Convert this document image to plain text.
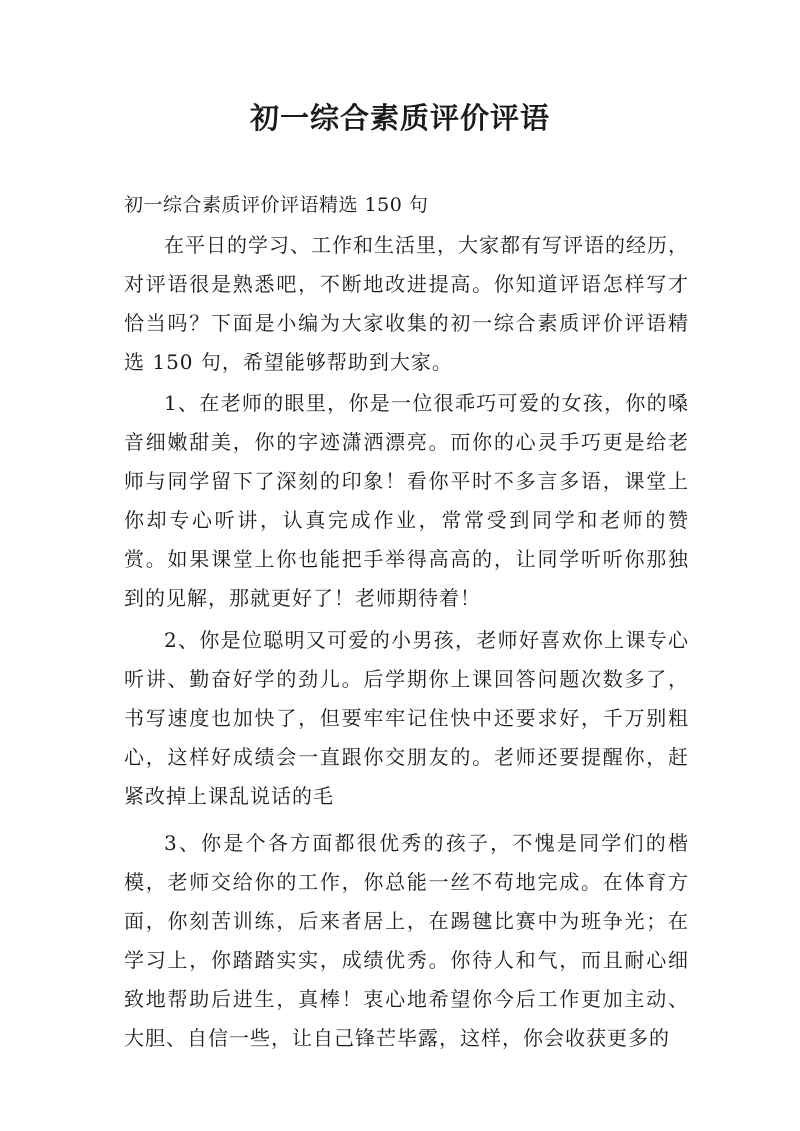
初一综合素质评价评语

初一综合素质评价评语精选 150 句

在平日的学习、工作和生活里，大家都有写评语的经历，对评语很是熟悉吧，不断地改进提高。你知道评语怎样写才恰当吗？下面是小编为大家收集的初一综合素质评价评语精选 150 句，希望能够帮助到大家。

1、在老师的眼里，你是一位很乖巧可爱的女孩，你的嗓音细嫩甜美，你的字迹潇洒漂亮。而你的心灵手巧更是给老师与同学留下了深刻的印象！看你平时不多言多语，课堂上你却专心听讲，认真完成作业，常常受到同学和老师的赞赏。如果课堂上你也能把手举得高高的，让同学听听你那独到的见解，那就更好了！老师期待着！

2、你是位聪明又可爱的小男孩，老师好喜欢你上课专心听讲、勤奋好学的劲儿。后学期你上课回答问题次数多了，书写速度也加快了，但要牢牢记住快中还要求好，千万别粗心，这样好成绩会一直跟你交朋友的。老师还要提醒你，赶紧改掉上课乱说话的毛

3、你是个各方面都很优秀的孩子，不愧是同学们的楷模，老师交给你的工作，你总能一丝不苟地完成。在体育方面，你刻苦训练，后来者居上，在踢毽比赛中为班争光；在学习上，你踏踏实实，成绩优秀。你待人和气，而且耐心细致地帮助后进生，真棒！衷心地希望你今后工作更加主动、大胆、自信一些，让自己锋芒毕露，这样，你会收获更多的
